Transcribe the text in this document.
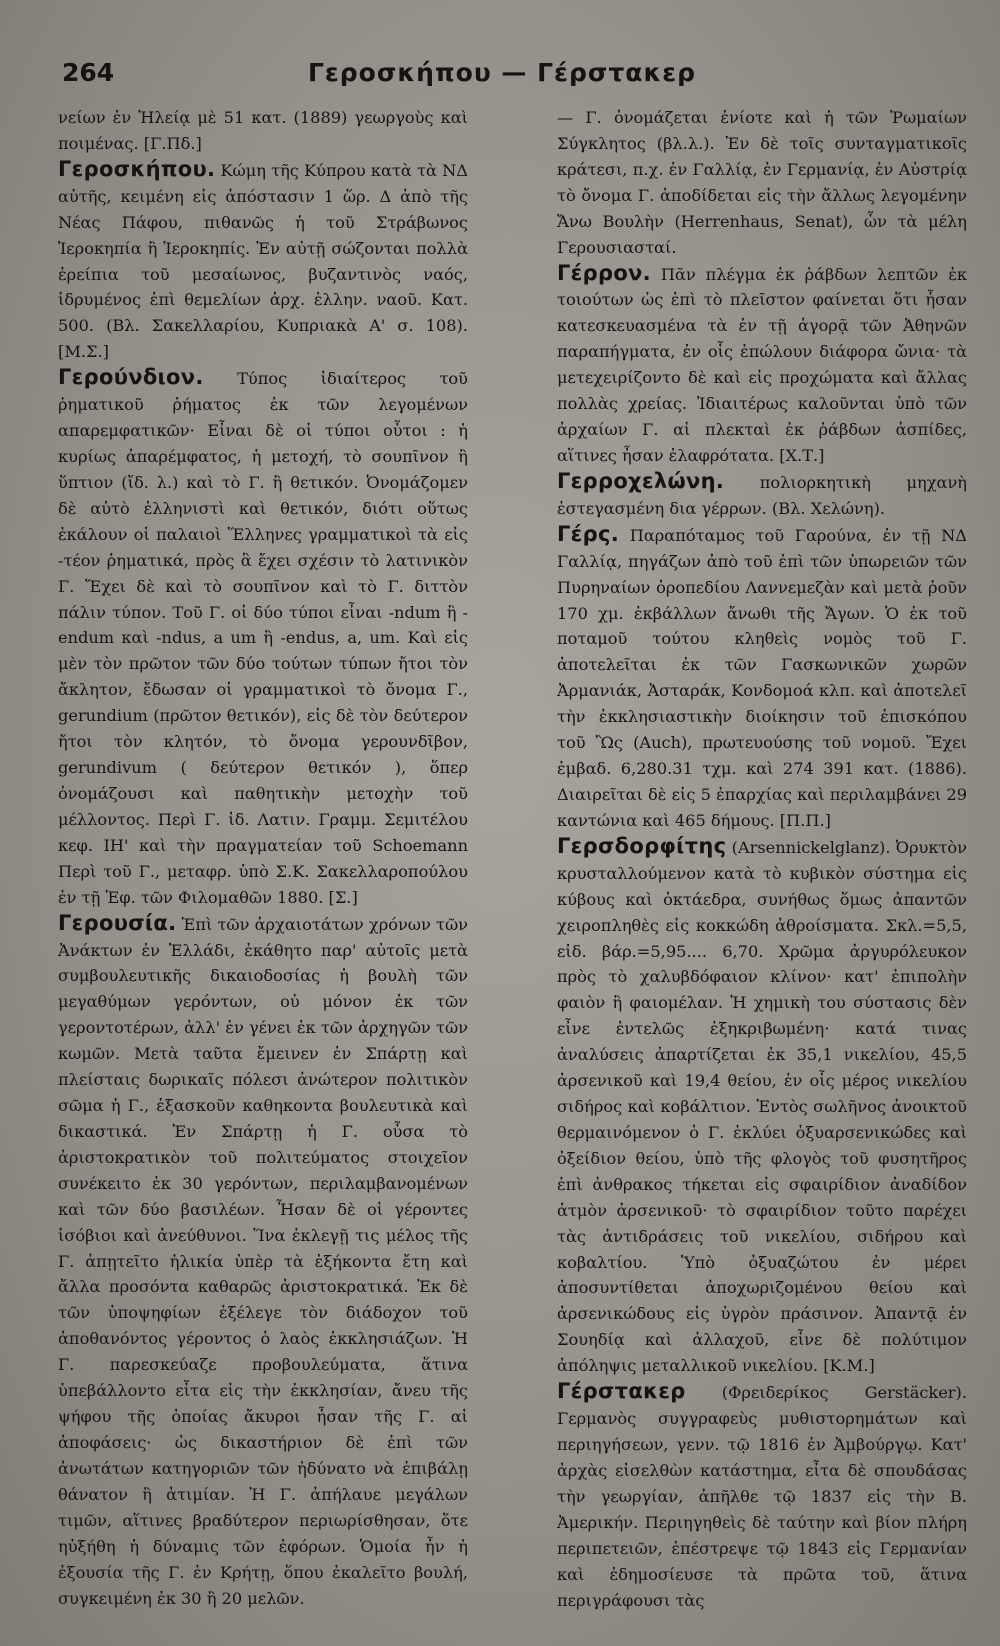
264	Γεροσκήπου — Γέρστακερ

νείων ἐν Ἠλείᾳ μὲ 51 κατ. (1889) γεωργοὺς καὶ ποιμένας. [Γ.Πδ.]

Γεροσκήπου. Κώμη τῆς Κύπρου κατὰ τὰ ΝΔ αὐτῆς, κειμένη εἰς ἀπόστασιν 1 ὥρ. Δ ἀπὸ τῆς Νέας Πάφου, πιθανῶς ἡ τοῦ Στράβωνος Ἱεροκηπία ἢ Ἱεροκηπίς. Ἐν αὐτῇ σώζονται πολλὰ ἐρείπια τοῦ μεσαίωνος, βυζαντινὸς ναός, ἱδρυμένος ἐπὶ θεμελίων ἀρχ. ἑλλην. ναοῦ. Κατ. 500. (Βλ. Σακελλαρίου, Κυπριακὰ Α' σ. 108). [Μ.Σ.]

Γερούνδιον. Τύπος ἰδιαίτερος τοῦ ῥηματικοῦ ῥήματος ἐκ τῶν λεγομένων απαρεμφατικῶν· Εἶναι δὲ οἱ τύποι οὗτοι : ἡ κυρίως ἀπαρέμφατος, ἡ μετοχή, τὸ σουπῖνον ἢ ὕπτιον (ἴδ. λ.) καὶ τὸ Γ. ἢ θετικόν. Ὀνομάζομεν δὲ αὐτὸ ἑλληνιστὶ καὶ θετικόν, διότι οὕτως ἐκάλουν οἱ παλαιοὶ Ἕλληνες γραμματικοὶ τὰ εἰς -τέον ῥηματικά, πρὸς ἃ ἔχει σχέσιν τὸ λατινικὸν Γ. Ἔχει δὲ καὶ τὸ σουπῖνον καὶ τὸ Γ. διττὸν πάλιν τύπον. Τοῦ Γ. οἱ δύο τύποι εἶναι -ndum ἢ -endum καὶ -ndus, a um ἢ -endus, a, um. Καὶ εἰς μὲν τὸν πρῶτον τῶν δύο τούτων τύπων ἤτοι τὸν ἄκλητον, ἔδωσαν οἱ γραμματικοὶ τὸ ὄνομα Γ., gerundium (πρῶτον θετικόν), εἰς δὲ τὸν δεύτερον ἤτοι τὸν κλητόν, τὸ ὄνομα γερουνδῖβον, gerundivum ( δεύτερον θετικόν ), ὅπερ ὀνομάζουσι καὶ παθητικὴν μετοχὴν τοῦ μέλλοντος. Περὶ Γ. ἰδ. Λατιν. Γραμμ. Σεμιτέλου κεφ. ΙΗ' καὶ τὴν πραγματείαν τοῦ Schoemann Περὶ τοῦ Γ., μεταφρ. ὑπὸ Σ.Κ. Σακελλαροπούλου ἐν τῇ Ἐφ. τῶν Φιλομαθῶν 1880. [Σ.]

Γερουσία. Ἐπὶ τῶν ἀρχαιοτάτων χρόνων τῶν Ἀνάκτων ἐν Ἑλλάδι, ἐκάθητο παρ' αὐτοῖς μετὰ συμβουλευτικῆς δικαιοδοσίας ἡ βουλὴ τῶν μεγαθύμων γερόντων, οὐ μόνον ἐκ τῶν γεροντοτέρων, ἀλλ' ἐν γένει ἐκ τῶν ἀρχηγῶν τῶν κωμῶν. Μετὰ ταῦτα ἔμεινεν ἐν Σπάρτῃ καὶ πλείσταις δωρικαῖς πόλεσι ἀνώτερον πολιτικὸν σῶμα ἡ Γ., ἐξασκοῦν καθηκοντα βουλευτικὰ καὶ δικαστικά. Ἐν Σπάρτῃ ἡ Γ. οὖσα τὸ ἀριστοκρατικὸν τοῦ πολιτεύματος στοιχεῖον συνέκειτο ἐκ 30 γερόντων, περιλαμβανομένων καὶ τῶν δύο βασιλέων. Ἦσαν δὲ οἱ γέροντες ἰσόβιοι καὶ ἀνεύθυνοι. Ἵνα ἐκλεγῇ τις μέλος τῆς Γ. ἀπῃτεῖτο ἡλικία ὑπὲρ τὰ ἑξήκοντα ἔτη καὶ ἄλλα προσόντα καθαρῶς ἀριστοκρατικά. Ἐκ δὲ τῶν ὑποψηφίων ἐξέλεγε τὸν διάδοχον τοῦ ἀποθανόντος γέροντος ὁ λαὸς ἐκκλησιάζων. Ἡ Γ. παρεσκεύαζε προβουλεύματα, ἅτινα ὑπεβάλλοντο εἶτα εἰς τὴν ἐκκλησίαν, ἄνευ τῆς ψήφου τῆς ὁποίας ἄκυροι ἦσαν τῆς Γ. αἱ ἀποφάσεις· ὡς δικαστήριον δὲ ἐπὶ τῶν ἀνωτάτων κατηγοριῶν τῶν ἠδύνατο νὰ ἐπιβάλῃ θάνατον ἢ ἀτιμίαν. Ἡ Γ. ἀπήλαυε μεγάλων τιμῶν, αἵτινες βραδύτερον περιωρίσθησαν, ὅτε ηὐξήθη ἡ δύναμις τῶν ἐφόρων. Ὁμοία ἦν ἡ ἐξουσία τῆς Γ. ἐν Κρήτῃ, ὅπου ἐκαλεῖτο βουλή, συγκειμένη ἐκ 30 ἢ 20 μελῶν.

— Γ. ὀνομάζεται ἐνίοτε καὶ ἡ τῶν Ῥωμαίων Σύγκλητος (βλ.λ.). Ἐν δὲ τοῖς συνταγματικοῖς κράτεσι, π.χ. ἐν Γαλλίᾳ, ἐν Γερμανίᾳ, ἐν Αὐστρίᾳ τὸ ὄνομα Γ. ἀποδίδεται εἰς τὴν ἄλλως λεγομένην Ἄνω Βουλὴν (Herrenhaus, Senat), ὧν τὰ μέλη Γερουσιασταί.

Γέρρον. Πᾶν πλέγμα ἐκ ῥάβδων λεπτῶν ἐκ τοιούτων ὡς ἐπὶ τὸ πλεῖστον φαίνεται ὅτι ἦσαν κατεσκευασμένα τὰ ἐν τῇ ἀγορᾷ τῶν Ἀθηνῶν παραπήγματα, ἐν οἷς ἐπώλουν διάφορα ὤνια· τὰ μετεχειρίζοντο δὲ καὶ εἰς προχώματα καὶ ἄλλας πολλὰς χρείας. Ἰδιαιτέρως καλοῦνται ὑπὸ τῶν ἀρχαίων Γ. αἱ πλεκταὶ ἐκ ῥάβδων ἀσπίδες, αἵτινες ἦσαν ἐλαφρότατα. [Χ.Τ.]

Γερροχελώνη. πολιορκητικὴ μηχανὴ ἐστεγασμένη δια γέρρων. (Βλ. Χελώνη).

Γέρς. Παραπόταμος τοῦ Γαρούνα, ἐν τῇ ΝΔ Γαλλίᾳ, πηγάζων ἀπὸ τοῦ ἐπὶ τῶν ὑπωρειῶν τῶν Πυρηναίων ὀροπεδίου Λαννεμεζὰν καὶ μετὰ ῥοῦν 170 χμ. ἐκβάλλων ἄνωθι τῆς Ἄγων. Ὁ ἐκ τοῦ ποταμοῦ τούτου κληθεὶς νομὸς τοῦ Γ. ἀποτελεῖται ἐκ τῶν Γασκωνικῶν χωρῶν Ἀρμανιάκ, Ἀσταράκ, Κονδομοά κλπ. καὶ ἀποτελεῖ τὴν ἐκκλησιαστικὴν διοίκησιν τοῦ ἐπισκόπου τοῦ Ὢς (Auch), πρωτευούσης τοῦ νομοῦ. Ἔχει ἐμβαδ. 6,280.31 τχμ. καὶ 274 391 κατ. (1886). Διαιρεῖται δὲ εἰς 5 ἐπαρχίας καὶ περιλαμβάνει 29 καντώνια καὶ 465 δήμους. [Π.Π.]

Γερσδορφίτης (Arsennickelglanz). Ὀρυκτὸν κρυσταλλούμενον κατὰ τὸ κυβικὸν σύστημα εἰς κύβους καὶ ὀκτάεδρα, συνήθως ὅμως ἀπαντῶν χειροπληθὲς εἰς κοκκώδη ἀθροίσματα. Σκλ.=5,5, εἰδ. βάρ.=5,95.... 6,70. Χρῶμα ἀργυρόλευκον πρὸς τὸ χαλυβδόφαιον κλίνον· κατ' ἐπιπολὴν φαιὸν ἢ φαιομέλαν. Ἡ χημικὴ του σύστασις δὲν εἶνε ἐντελῶς ἐξηκριβωμένη· κατά τινας ἀναλύσεις ἀπαρτίζεται ἐκ 35,1 νικελίου, 45,5 ἀρσενικοῦ καὶ 19,4 θείου, ἐν οἷς μέρος νικελίου σιδήρος καὶ κοβάλτιον. Ἐντὸς σωλῆνος ἀνοικτοῦ θερμαινόμενον ὁ Γ. ἐκλύει ὀξυαρσενικώδες καὶ ὀξείδιον θείου, ὑπὸ τῆς φλογὸς τοῦ φυσητῆρος ἐπὶ ἀνθρακος τήκεται εἰς σφαιρίδιον ἀναδίδον ἀτμὸν ἀρσενικοῦ· τὸ σφαιρίδιον τοῦτο παρέχει τὰς ἀντιδράσεις τοῦ νικελίου, σιδήρου καὶ κοβαλτίου. Ὑπὸ ὀξυαζώτου ἐν μέρει ἀποσυντίθεται ἀποχωριζομένου θείου καὶ ἀρσενικώδους εἰς ὑγρὸν πράσινον. Ἀπαντᾷ ἐν Σουηδίᾳ καὶ ἀλλαχοῦ, εἶνε δὲ πολύτιμον ἀπόληψις μεταλλικοῦ νικελίου. [Κ.Μ.]

Γέρστακερ (Φρειδερίκος Gerstäcker). Γερμανὸς συγγραφεὺς μυθιστορημάτων καὶ περιηγήσεων, γενν. τῷ 1816 ἐν Ἀμβούργῳ. Κατ' ἀρχὰς εἰσελθὼν κατάστημα, εἶτα δὲ σπουδάσας τὴν γεωργίαν, ἀπῆλθε τῷ 1837 εἰς τὴν Β. Ἀμερικήν. Περιηγηθεὶς δὲ ταύτην καὶ βίον πλήρη περιπετειῶν, ἐπέστρεψε τῷ 1843 εἰς Γερμανίαν καὶ ἐδημοσίευσε τὰ πρῶτα τοῦ, ἅτινα περιγράφουσι τὰς
